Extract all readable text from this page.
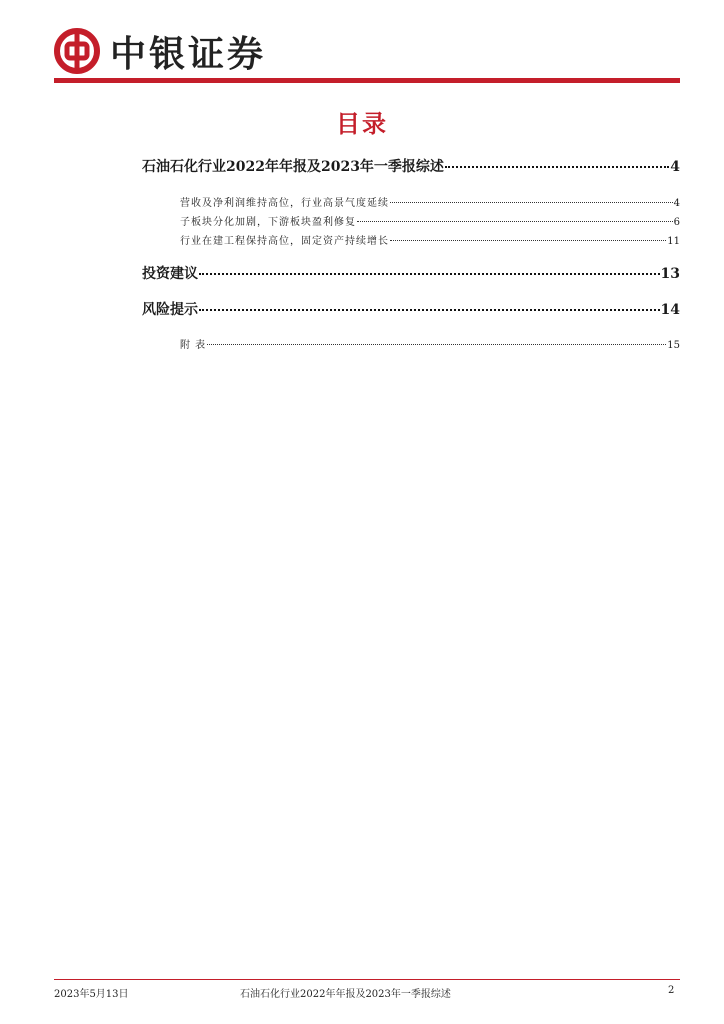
中银证券
目录
石油石化行业2022年年报及2023年一季报综述	4
营收及净利润维持高位，行业高景气度延续	4
子板块分化加剧，下游板块盈利修复	6
行业在建工程保持高位，固定资产持续增长	11
投资建议	13
风险提示	14
附 表	15
2023年5月13日	石油石化行业2022年年报及2023年一季报综述	2
